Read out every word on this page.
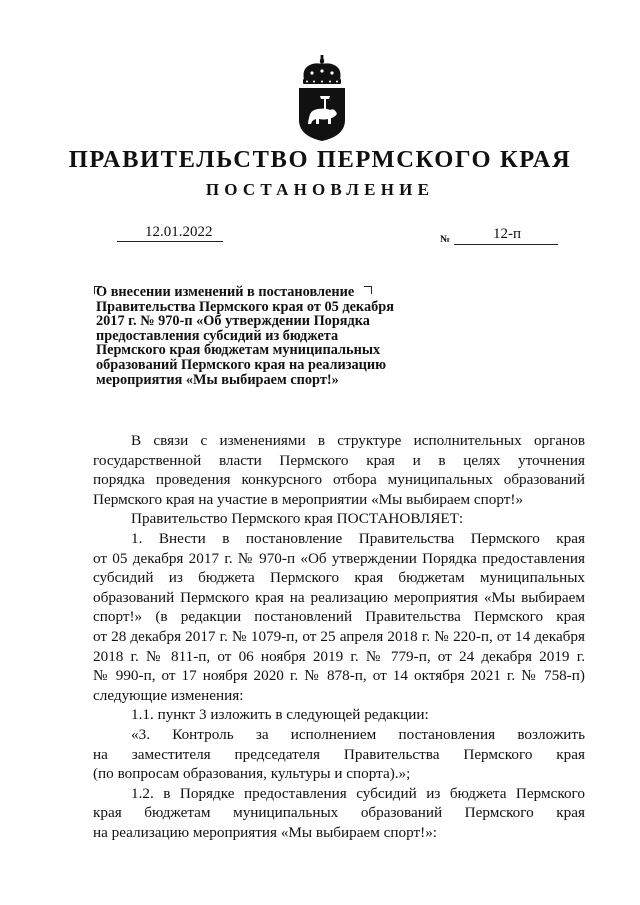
ПРАВИТЕЛЬСТВО ПЕРМСКОГО КРАЯ
ПОСТАНОВЛЕНИЕ
12.01.2022	№	12-п
О внесении изменений в постановление
Правительства Пермского края от 05 декабря
2017 г. № 970-п «Об утверждении Порядка
предоставления субсидий из бюджета
Пермского края бюджетам муниципальных
образований Пермского края на реализацию
мероприятия «Мы выбираем спорт!»
В связи с изменениями в структуре исполнительных органов
государственной власти Пермского края и в целях уточнения
порядка проведения конкурсного отбора муниципальных образований
Пермского края на участие в мероприятии «Мы выбираем спорт!»
Правительство Пермского края ПОСТАНОВЛЯЕТ:
1. Внести в постановление Правительства Пермского края
от 05 декабря 2017 г. № 970-п «Об утверждении Порядка предоставления
субсидий из бюджета Пермского края бюджетам муниципальных
образований Пермского края на реализацию мероприятия «Мы выбираем
спорт!» (в редакции постановлений Правительства Пермского края
от 28 декабря 2017 г. № 1079-п, от 25 апреля 2018 г. № 220-п, от 14 декабря
2018 г. № 811-п, от 06 ноября 2019 г. № 779-п, от 24 декабря 2019 г.
№ 990-п, от 17 ноября 2020 г. № 878-п, от 14 октября 2021 г. № 758-п)
следующие изменения:
1.1. пункт 3 изложить в следующей редакции:
«3. Контроль за исполнением постановления возложить
на заместителя председателя Правительства Пермского края
(по вопросам образования, культуры и спорта).»;
1.2. в Порядке предоставления субсидий из бюджета Пермского
края бюджетам муниципальных образований Пермского края
на реализацию мероприятия «Мы выбираем спорт!»:
